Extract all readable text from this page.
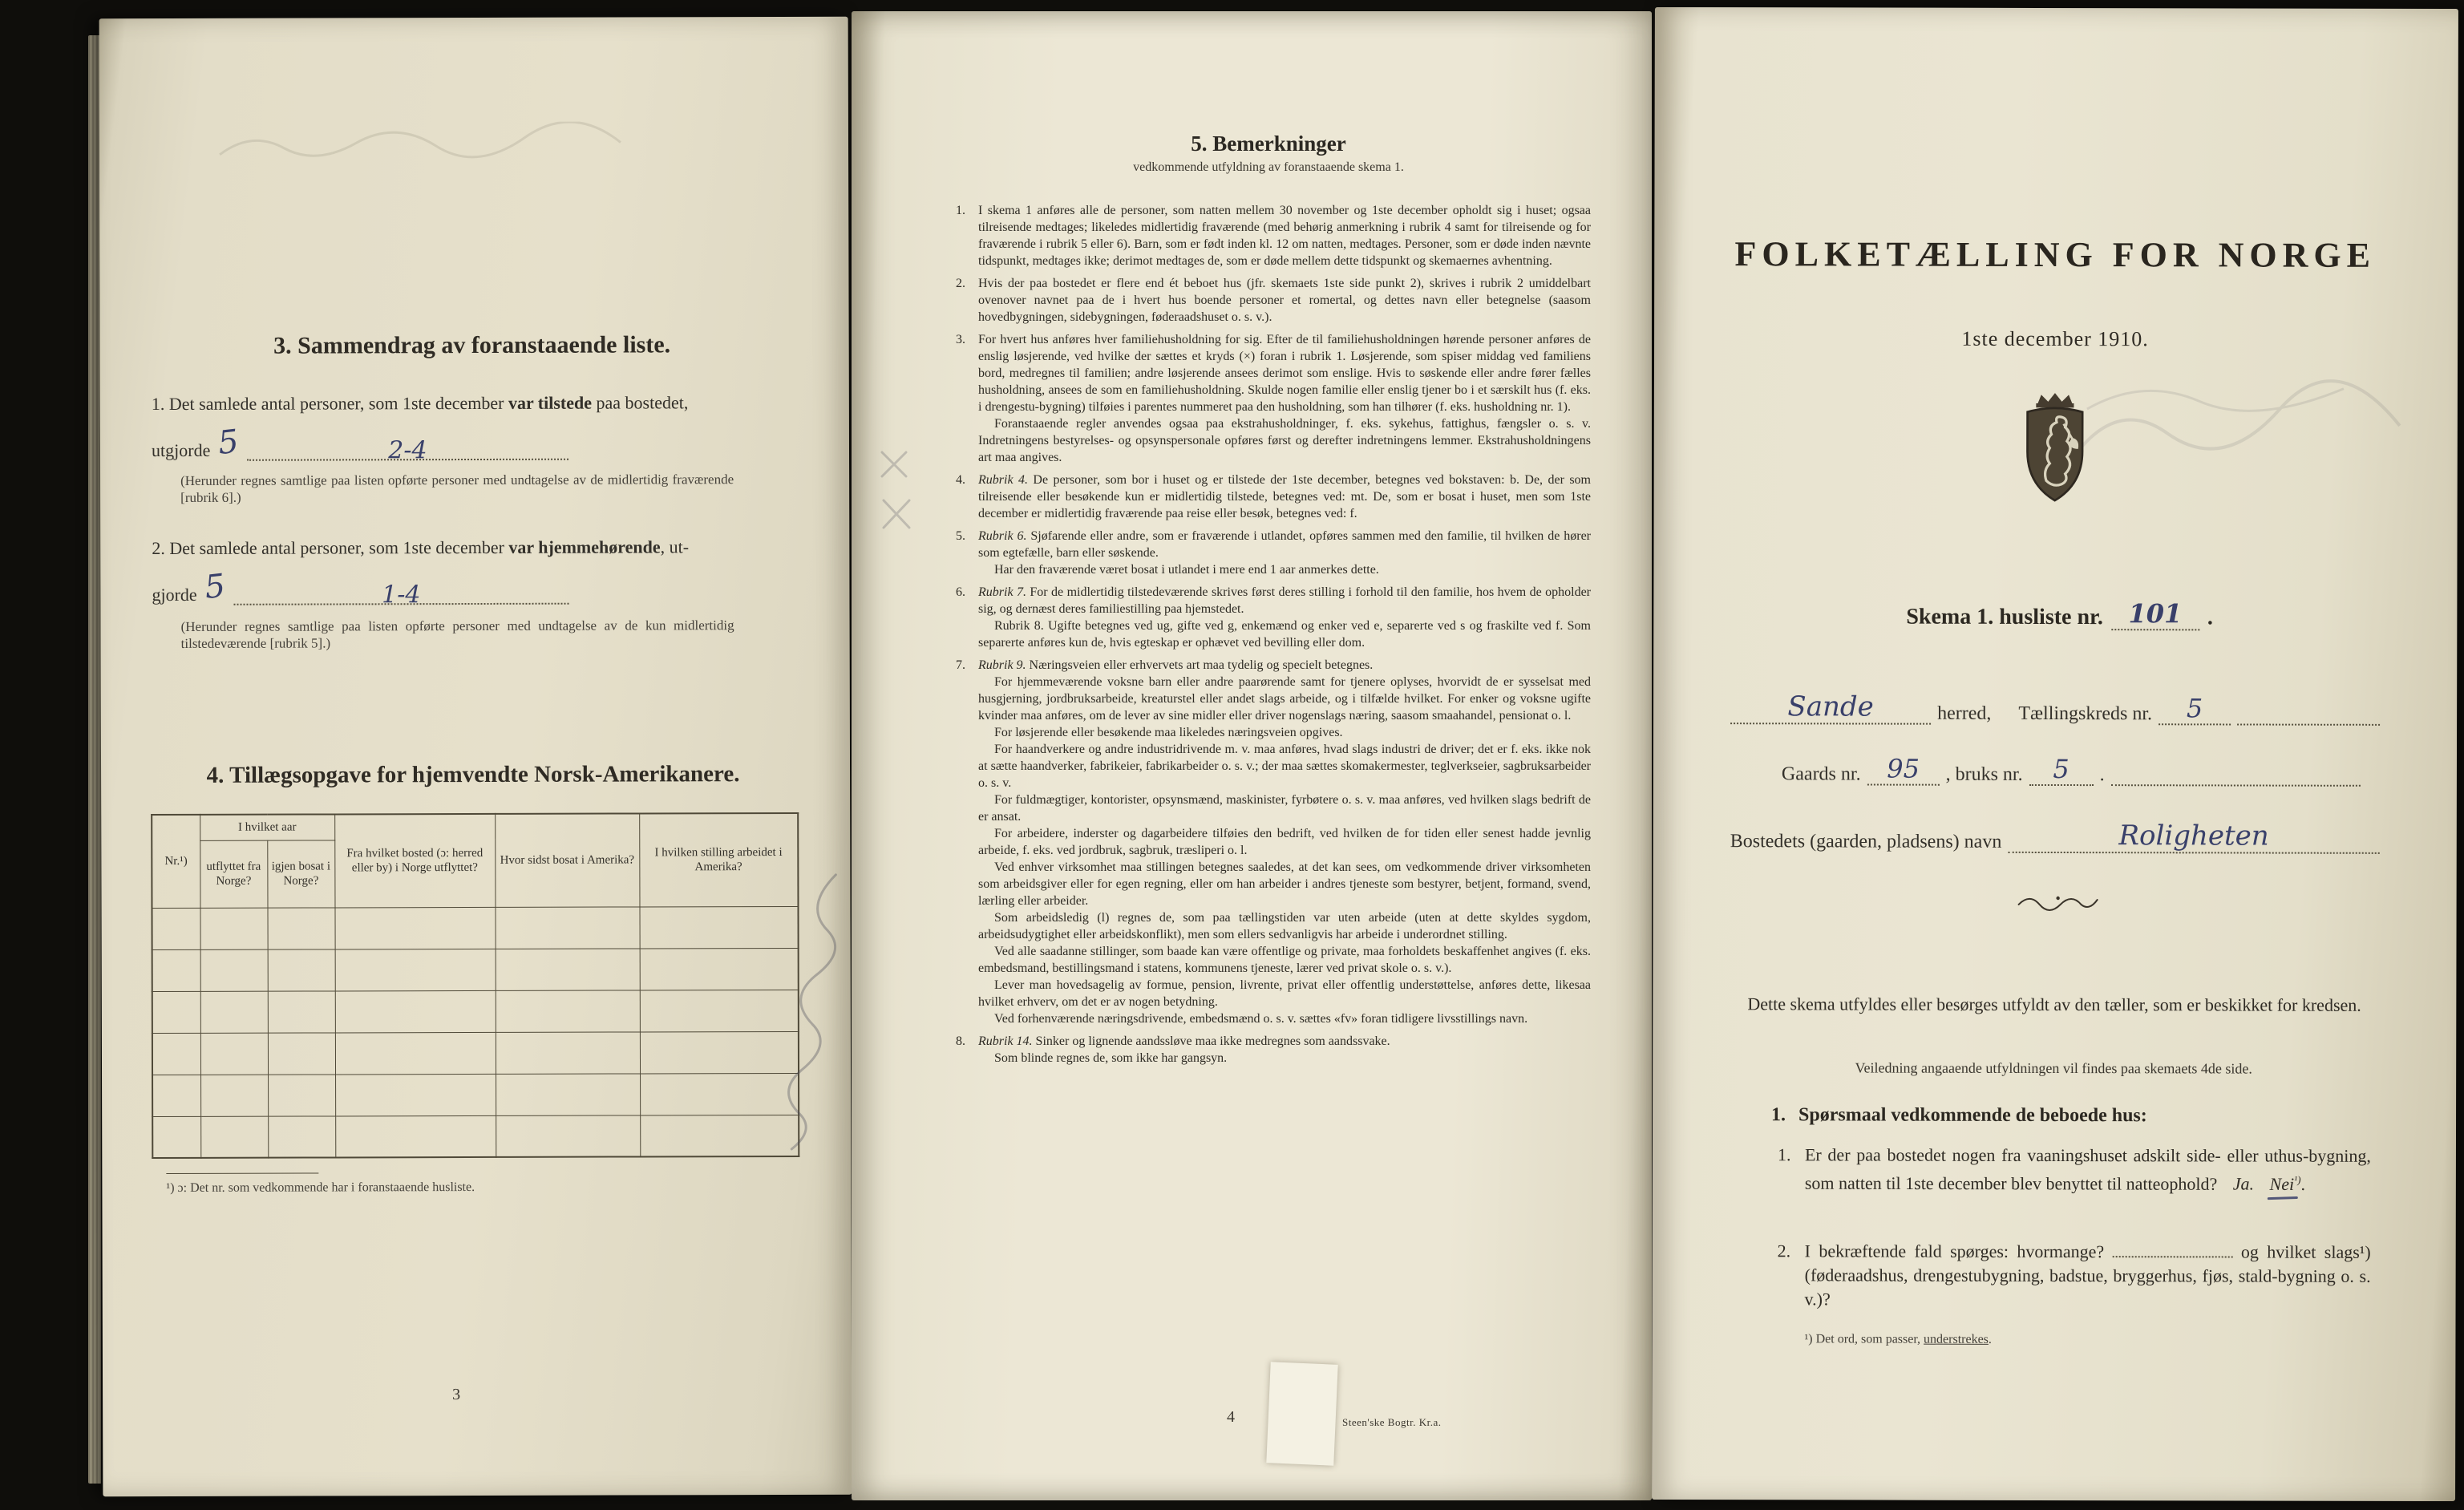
3. Sammendrag av foranstaaende liste.
1. Det samlede antal personer, som 1ste december var tilstede paa bostedet,
utgjorde 5	2-4
(Herunder regnes samtlige paa listen opførte personer med undtagelse av de midlertidig fraværende [rubrik 6].)
2. Det samlede antal personer, som 1ste december var hjemmehørende, ut-
gjorde 5	1-4
(Herunder regnes samtlige paa listen opførte personer med undtagelse av de kun midlertidig tilstedeværende [rubrik 5].)
4. Tillægsopgave for hjemvendte Norsk-Amerikanere.
Nr.¹)	I hvilket aar		Fra hvilket bosted (ɔ: herred eller by) i Norge utflyttet?	Hvor sidst bosat i Amerika?	I hvilken stilling arbeidet i Amerika?
	utflyttet fra Norge?	igjen bosat i Norge?			

¹) ɔ: Det nr. som vedkommende har i foranstaaende husliste.
3
5. Bemerkninger
vedkommende utfyldning av foranstaaende skema 1.
1. I skema 1 anføres alle de personer, som natten mellem 30 november og 1ste december opholdt sig i huset; ogsaa tilreisende medtages; likeledes midlertidig fraværende (med behørig anmerkning i rubrik 4 samt for tilreisende og for fraværende i rubrik 5 eller 6). Barn, som er født inden kl. 12 om natten, medtages. Personer, som er døde inden nævnte tidspunkt, medtages ikke; derimot medtages de, som er døde mellem dette tidspunkt og skemaernes avhentning.

2. Hvis der paa bostedet er flere end ét beboet hus (jfr. skemaets 1ste side punkt 2), skrives i rubrik 2 umiddelbart ovenover navnet paa de i hvert hus boende personer et romertal, og dettes navn eller betegnelse (saasom hovedbygningen, sidebygningen, føderaadshuset o. s. v.).

3. For hvert hus anføres hver familiehusholdning for sig. Efter de til familiehusholdningen hørende personer anføres de enslig løsjerende, ved hvilke der sættes et kryds (×) foran i rubrik 1. Løsjerende, som spiser middag ved familiens bord, medregnes til familien; andre løsjerende ansees derimot som enslige. Hvis to søskende eller andre fører fælles husholdning, ansees de som en familiehusholdning. Skulde nogen familie eller enslig tjener bo i et særskilt hus (f. eks. i drengestu-bygning) tilføies i parentes nummeret paa den husholdning, som han tilhører (f. eks. husholdning nr. 1).

Foranstaaende regler anvendes ogsaa paa ekstrahusholdninger, f. eks. sykehus, fattighus, fængsler o. s. v. Indretningens bestyrelses- og opsynspersonale opføres først og derefter indretningens lemmer. Ekstrahusholdningens art maa angives.

4. Rubrik 4. De personer, som bor i huset og er tilstede der 1ste december, betegnes ved bokstaven: b. De, der som tilreisende eller besøkende kun er midlertidig tilstede, betegnes ved: mt. De, som er bosat i huset, men som 1ste december er midlertidig fraværende paa reise eller besøk, betegnes ved: f.

5. Rubrik 6. Sjøfarende eller andre, som er fraværende i utlandet, opføres sammen med den familie, til hvilken de hører som egtefælle, barn eller søskende.

Har den fraværende været bosat i utlandet i mere end 1 aar anmerkes dette.

6. Rubrik 7. For de midlertidig tilstedeværende skrives først deres stilling i forhold til den familie, hos hvem de opholder sig, og dernæst deres familiestilling paa hjemstedet.

Rubrik 8. Ugifte betegnes ved ug, gifte ved g, enkemænd og enker ved e, separerte ved s og fraskilte ved f. Som separerte anføres kun de, hvis egteskap er ophævet ved bevilling eller dom.

7. Rubrik 9. Næringsveien eller erhvervets art maa tydelig og specielt betegnes.

For hjemmeværende voksne barn eller andre paarørende samt for tjenere oplyses, hvorvidt de er sysselsat med husgjerning, jordbruksarbeide, kreaturstel eller andet slags arbeide, og i tilfælde hvilket. For enker og voksne ugifte kvinder maa anføres, om de lever av sine midler eller driver nogenslags næring, saasom smaahandel, pensionat o. l.

For løsjerende eller besøkende maa likeledes næringsveien opgives.

For haandverkere og andre industridrivende m. v. maa anføres, hvad slags industri de driver; det er f. eks. ikke nok at sætte haandverker, fabrikeier, fabrikarbeider o. s. v.; der maa sættes skomakermester, teglverkseier, sagbruksarbeider o. s. v.

For fuldmægtiger, kontorister, opsynsmænd, maskinister, fyrbøtere o. s. v. maa anføres, ved hvilken slags bedrift de er ansat.

For arbeidere, inderster og dagarbeidere tilføies den bedrift, ved hvilken de for tiden eller senest hadde jevnlig arbeide, f. eks. ved jordbruk, sagbruk, træsliperi o. l.

Ved enhver virksomhet maa stillingen betegnes saaledes, at det kan sees, om vedkommende driver virksomheten som arbeidsgiver eller for egen regning, eller om han arbeider i andres tjeneste som bestyrer, betjent, formand, svend, lærling eller arbeider.

Som arbeidsledig (l) regnes de, som paa tællingstiden var uten arbeide (uten at dette skyldes sygdom, arbeidsudygtighet eller arbeidskonflikt), men som ellers sedvanligvis har arbeide i underordnet stilling.

Ved alle saadanne stillinger, som baade kan være offentlige og private, maa forholdets beskaffenhet angives (f. eks. embedsmand, bestillingsmand i statens, kommunens tjeneste, lærer ved privat skole o. s. v.).

Lever man hovedsagelig av formue, pension, livrente, privat eller offentlig understøttelse, anføres dette, likesaa hvilket erhverv, om det er av nogen betydning.

Ved forhenværende næringsdrivende, embedsmænd o. s. v. sættes «fv» foran tidligere livsstillings navn.

8. Rubrik 14. Sinker og lignende aandssløve maa ikke medregnes som aandssvake.

Som blinde regnes de, som ikke har gangsyn.

4	Steen'ske Bogtr. Kr.a.
FOLKETÆLLING FOR NORGE
1ste december 1910.
Skema 1. husliste nr. 101	.
Sande	herred, Tællingskreds nr.	5
Gaards nr.	95	, bruks nr.	5	.
Bostedets (gaarden, pladsens) navn	Roligheten
Dette skema utfyldes eller besørges utfyldt av den tæller, som er beskikket for kredsen.
Veiledning angaaende utfyldningen vil findes paa skemaets 4de side.
1. Spørsmaal vedkommende de beboede hus:
1. Er der paa bostedet nogen fra vaaningshuset adskilt side- eller uthus-bygning, som natten til 1ste december blev benyttet til natteophold? Ja. Nei$^{^1)}$
.
2. I bekræftende fald spørges: hvormange?	og hvilket slags¹) (føderaadshus, drengestubygning, badstue, bryggerhus, fjøs, stald-bygning o. s. v.)?
¹) Det ord, som passer, understrekes.
